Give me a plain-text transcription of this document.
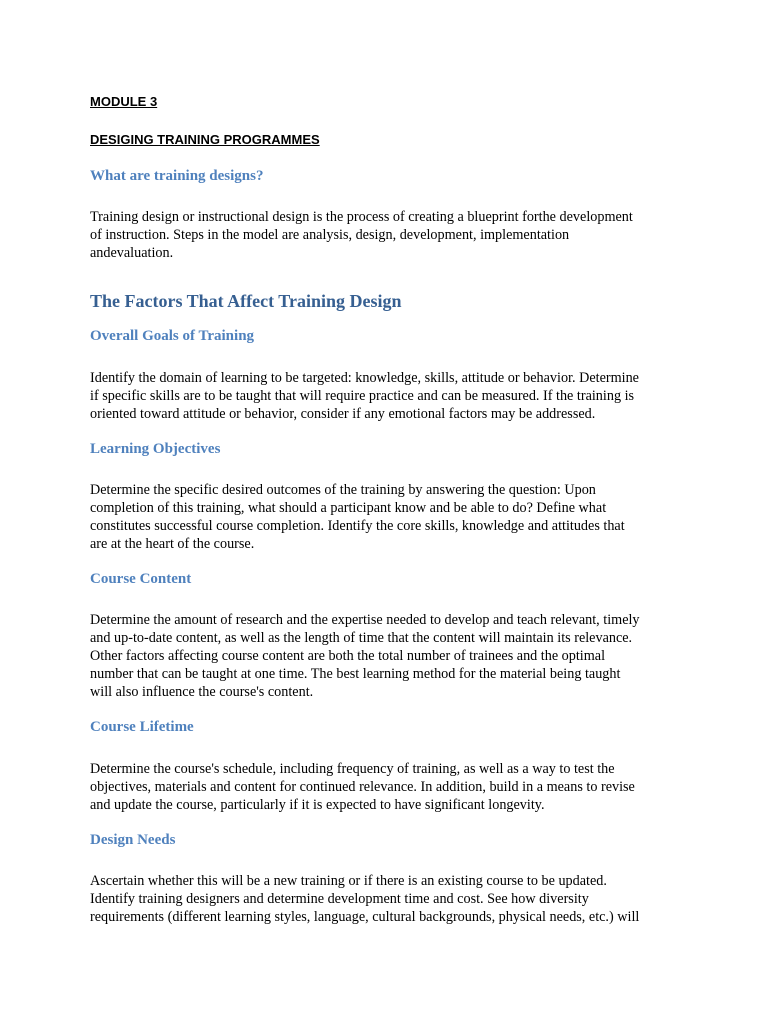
MODULE 3
DESIGING TRAINING PROGRAMMES
What are training designs?
Training design or instructional design is the process of creating a blueprint forthe development
of instruction. Steps in the model are analysis, design, development, implementation
andevaluation.
The Factors That Affect Training Design
Overall Goals of Training
Identify the domain of learning to be targeted: knowledge, skills, attitude or behavior. Determine
if specific skills are to be taught that will require practice and can be measured. If the training is
oriented toward attitude or behavior, consider if any emotional factors may be addressed.
Learning Objectives
Determine the specific desired outcomes of the training by answering the question: Upon
completion of this training, what should a participant know and be able to do? Define what
constitutes successful course completion. Identify the core skills, knowledge and attitudes that
are at the heart of the course.
Course Content
Determine the amount of research and the expertise needed to develop and teach relevant, timely
and up-to-date content, as well as the length of time that the content will maintain its relevance.
Other factors affecting course content are both the total number of trainees and the optimal
number that can be taught at one time. The best learning method for the material being taught
will also influence the course's content.
Course Lifetime
Determine the course's schedule, including frequency of training, as well as a way to test the
objectives, materials and content for continued relevance. In addition, build in a means to revise
and update the course, particularly if it is expected to have significant longevity.
Design Needs
Ascertain whether this will be a new training or if there is an existing course to be updated.
Identify training designers and determine development time and cost. See how diversity
requirements (different learning styles, language, cultural backgrounds, physical needs, etc.) will
